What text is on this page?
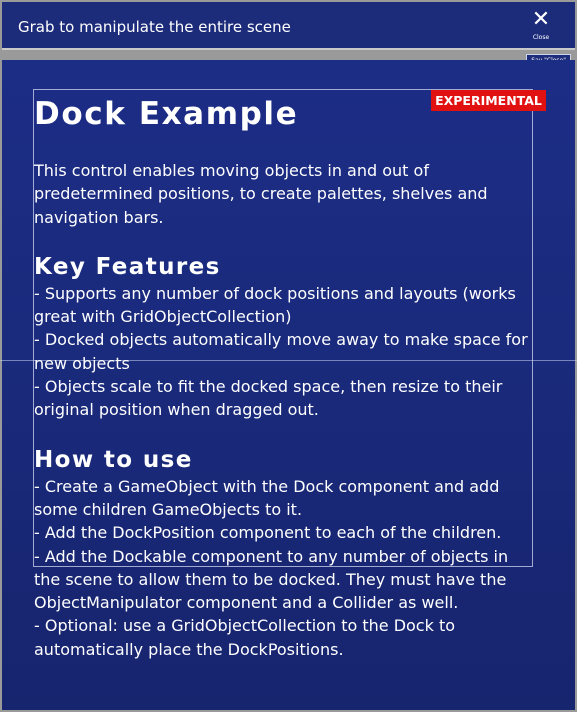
Grab to manipulate the entire scene	✕
Close
Dock Example

This control enables moving objects in and out of
predetermined positions, to create palettes, shelves and
navigation bars.

Key Features
- Supports any number of dock positions and layouts (works
great with GridObjectCollection)
- Docked objects automatically move away to make space for
new objects
- Objects scale to fit the docked space, then resize to their
original position when dragged out.
How to use
- Create a GameObject with the Dock component and add
some children GameObjects to it.
- Add the DockPosition component to each of the children.
- Add the Dockable component to any number of objects in
the scene to allow them to be docked. They must have the
ObjectManipulator component and a Collider as well.
- Optional: use a GridObjectCollection to the Dock to
automatically place the DockPositions.
EXPERIMENTAL
